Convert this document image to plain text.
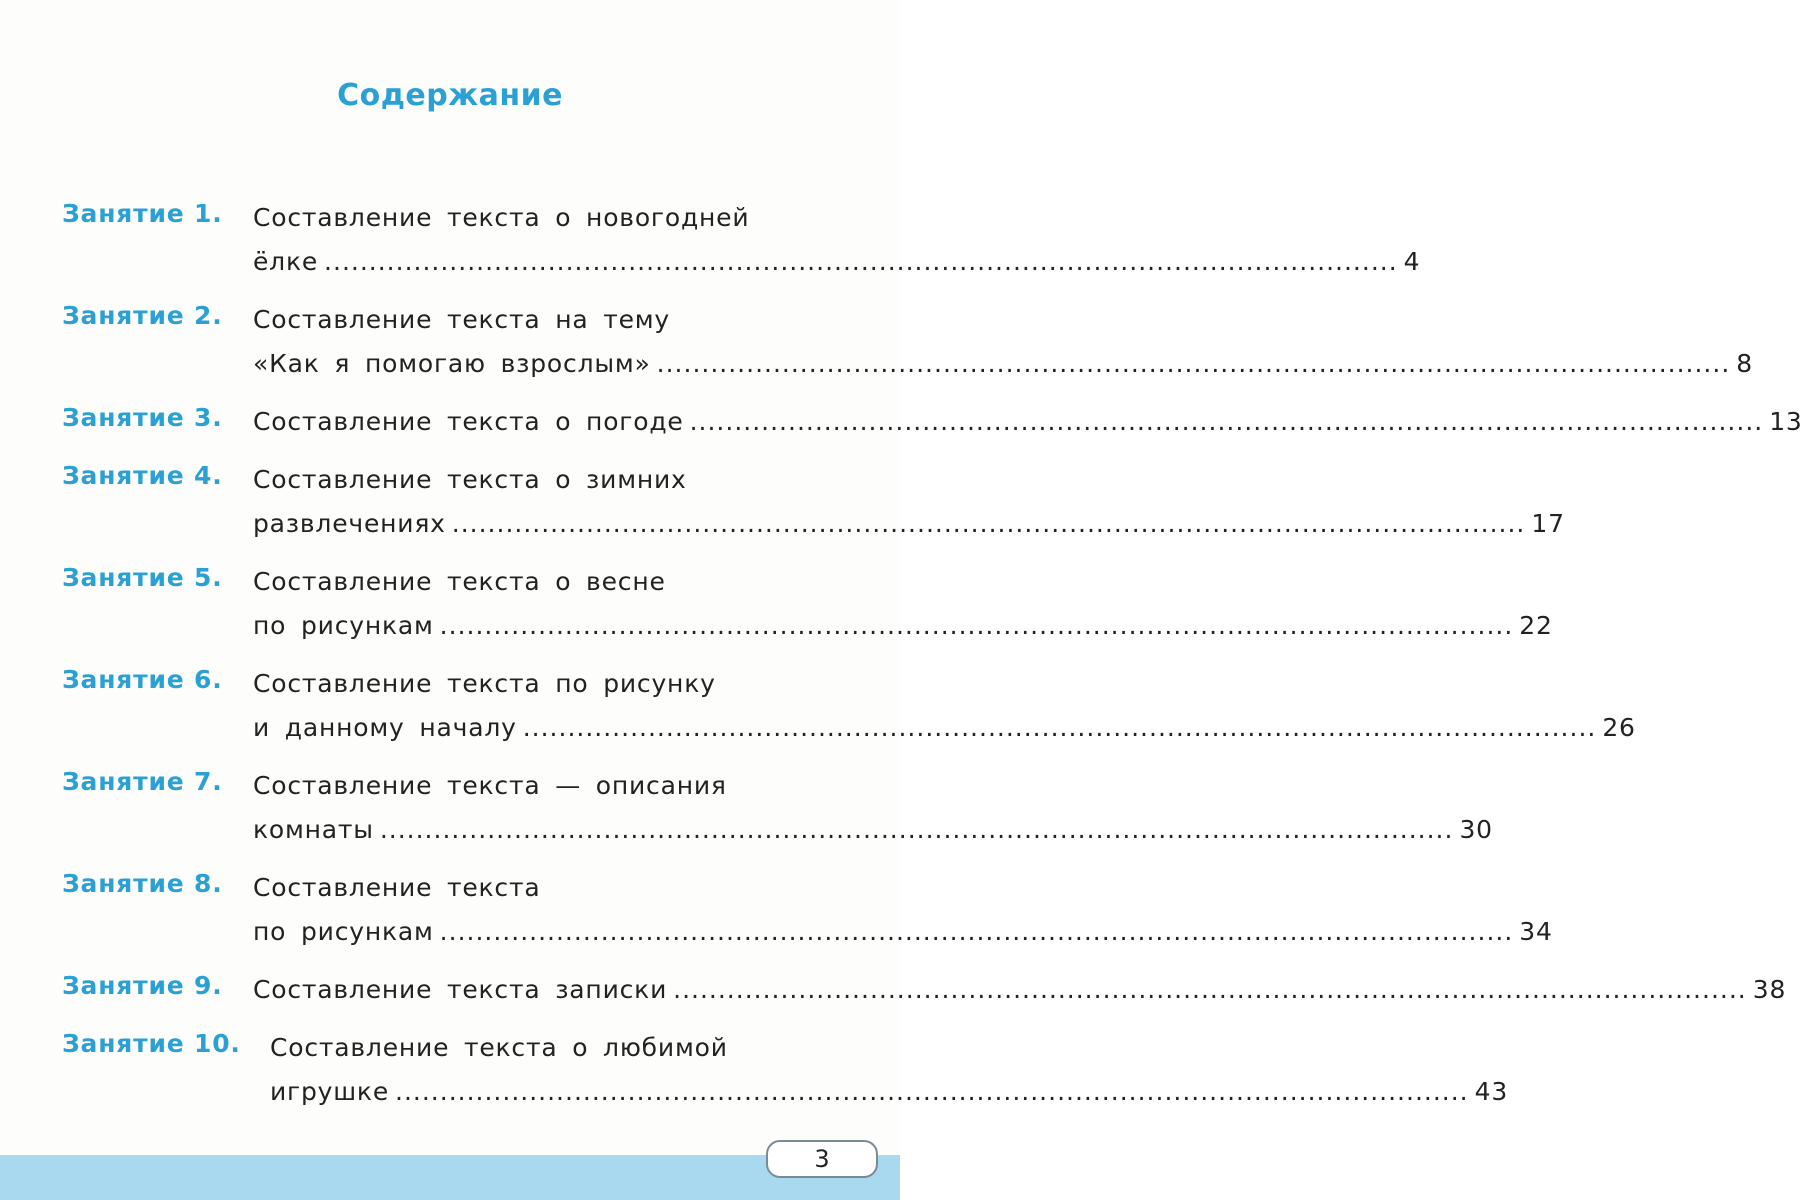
Содержание
Занятие 1. Составление текста о новогодней
ёлке ........................................................................................................................ 4
Занятие 2. Составление текста на тему
«Как я помогаю взрослым» ........................................................................................................................ 8
Занятие 3. Составление текста о погоде ........................................................................................................................ 13
Занятие 4. Составление текста о зимних
развлечениях ........................................................................................................................ 17
Занятие 5. Составление текста о весне
по рисункам ........................................................................................................................ 22
Занятие 6. Составление текста по рисунку
и данному началу ........................................................................................................................ 26
Занятие 7. Составление текста — описания
комнаты ........................................................................................................................ 30
Занятие 8. Составление текста
по рисункам ........................................................................................................................ 34
Занятие 9. Составление текста записки ........................................................................................................................ 38
Занятие 10. Составление текста о любимой
игрушке ........................................................................................................................ 43
3
